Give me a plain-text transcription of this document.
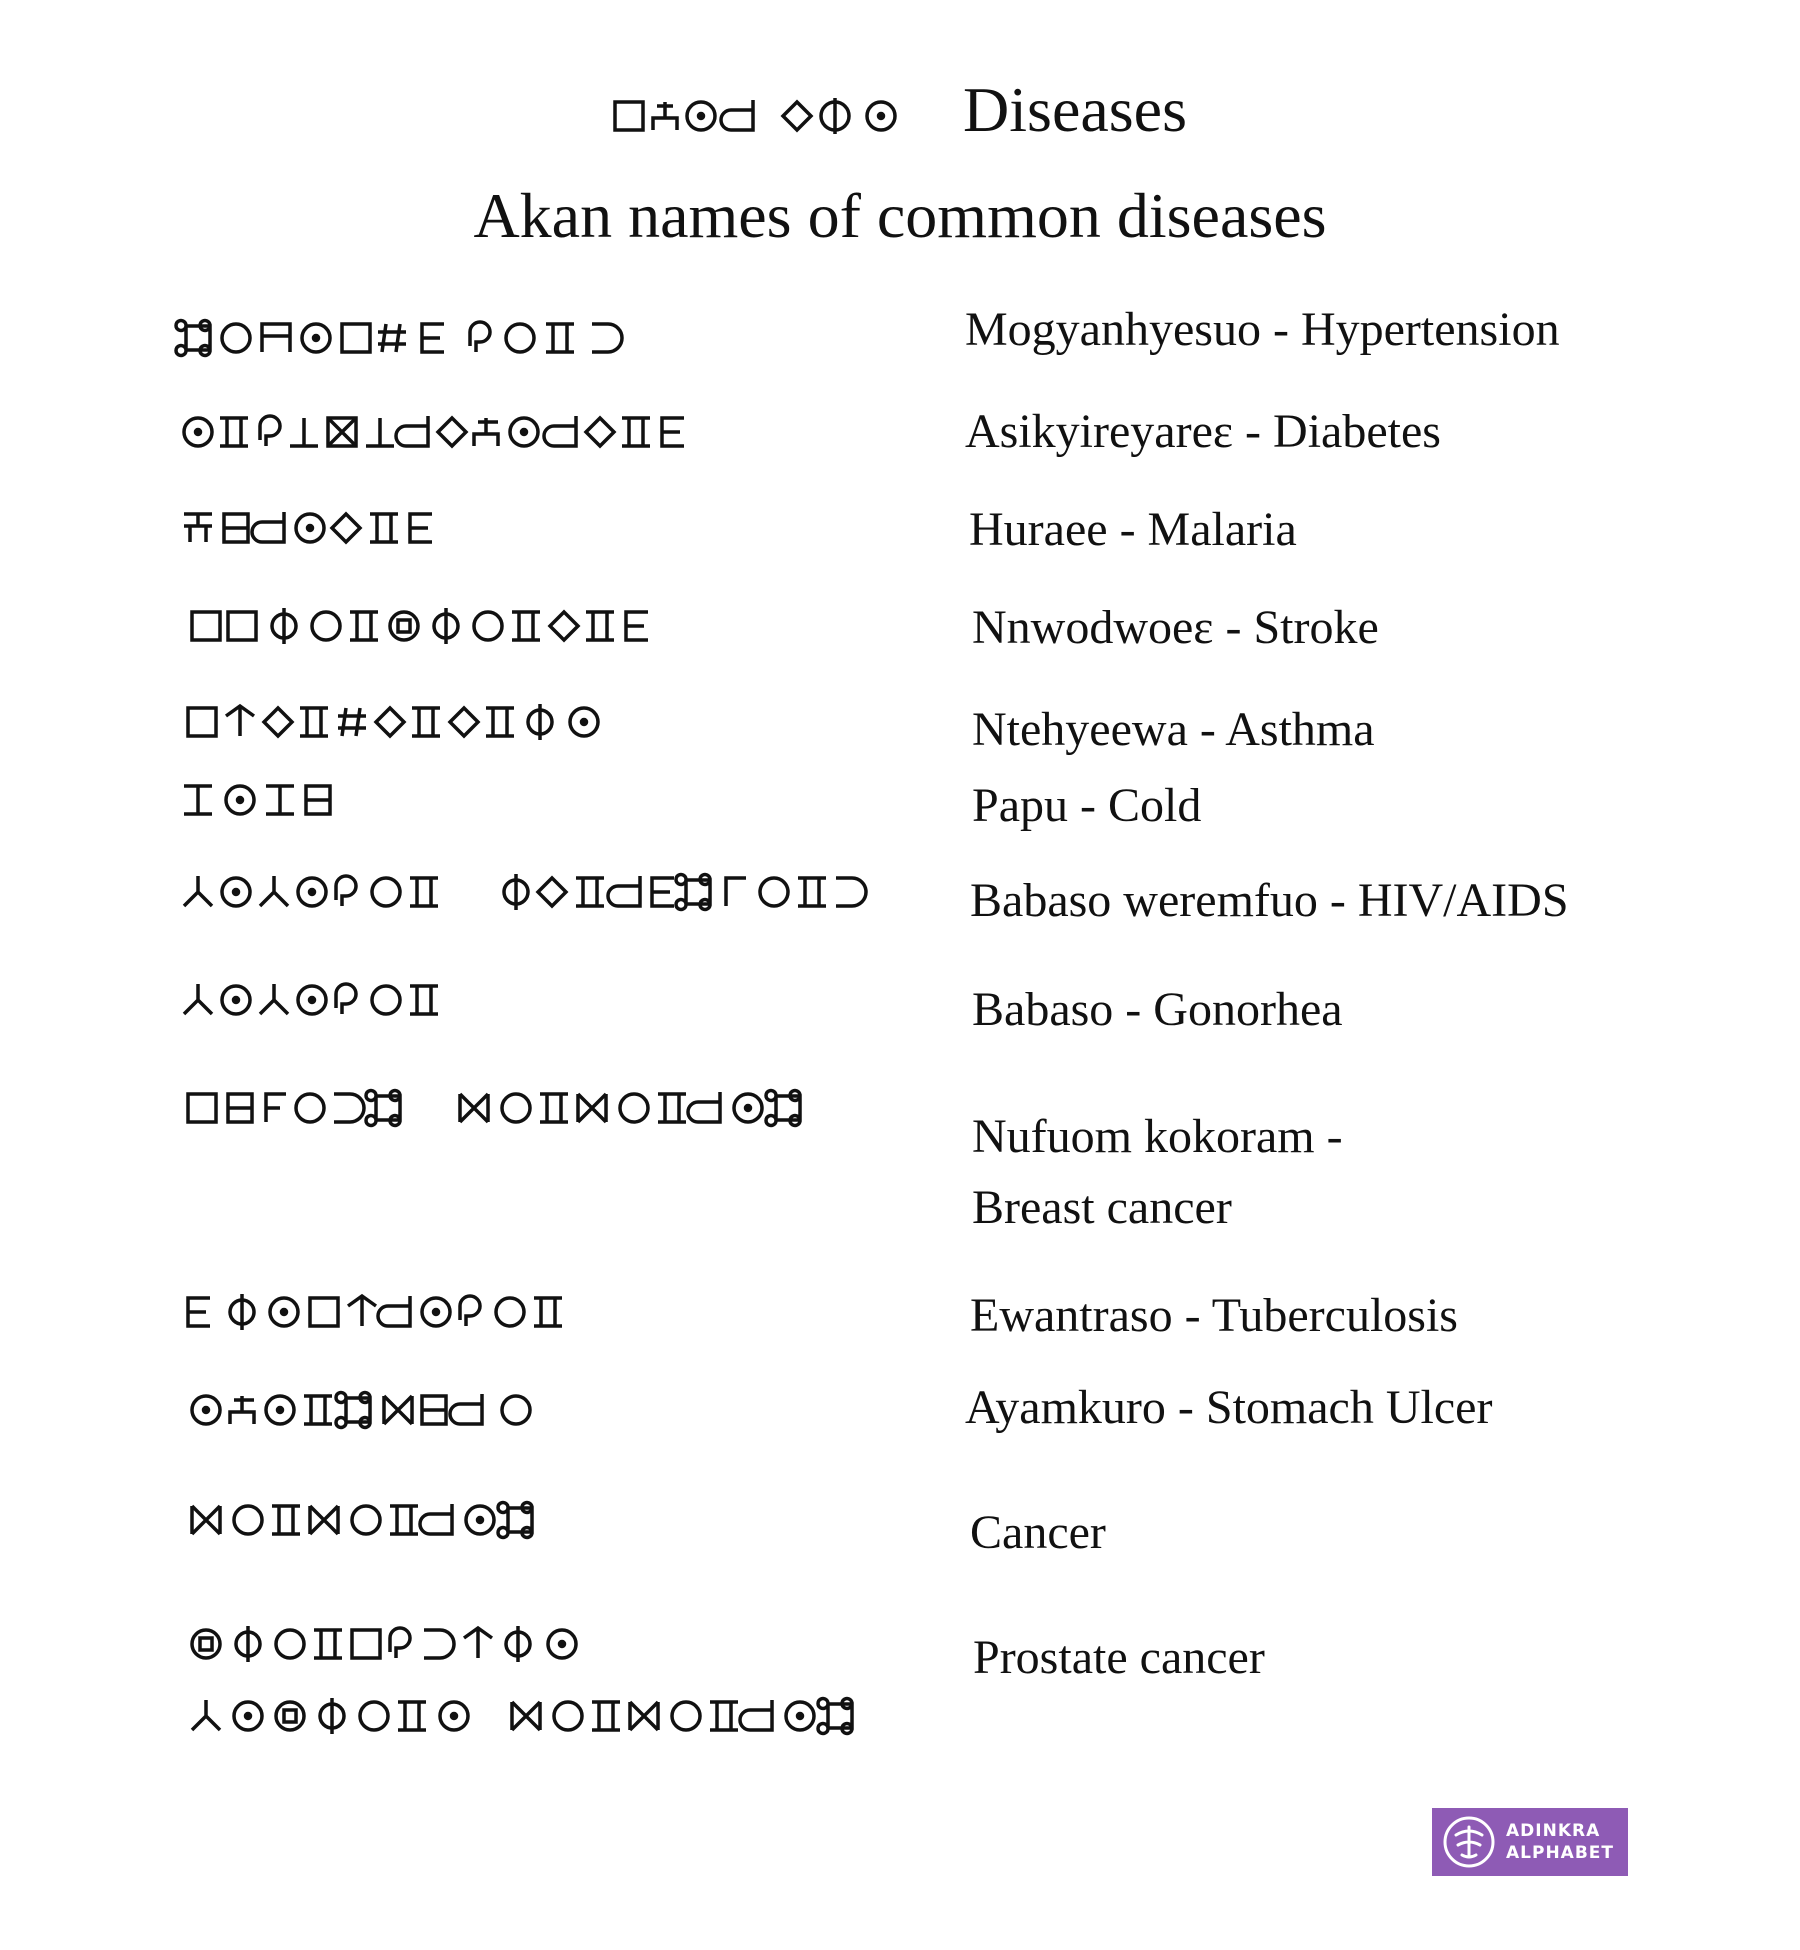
Diseases
Akan names of common diseases
Mogyanhyesuo - Hypertension
Asikyireyareɛ - Diabetes
Huraee - Malaria
Nnwodwoeɛ - Stroke
Ntehyeewa - Asthma
Papu - Cold
Babaso weremfuo - HIV/AIDS
Babaso - Gonorhea
Nufuom kokoram -
Breast cancer
Ewantraso - Tuberculosis
Ayamkuro - Stomach Ulcer
Cancer
Prostate cancer
ADINKRA
ALPHABET
